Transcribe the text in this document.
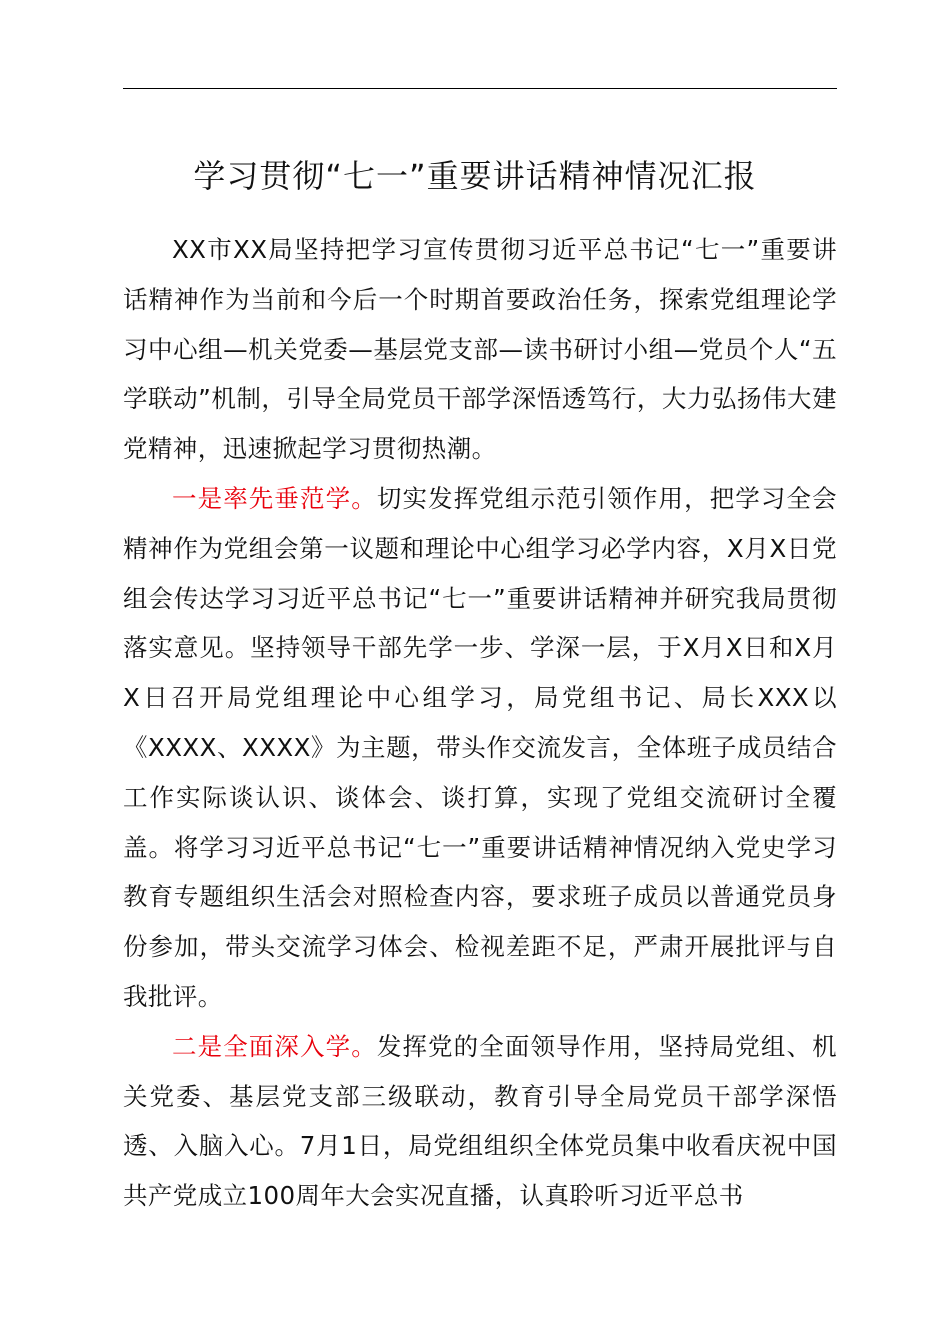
学习贯彻“七一”重要讲话精神情况汇报

XX市XX局坚持把学习宣传贯彻习近平总书记“七一”重要讲话精神作为当前和今后一个时期首要政治任务，探索党组理论学习中心组—机关党委—基层党支部—读书研讨小组—党员个人“五学联动”机制，引导全局党员干部学深悟透笃行，大力弘扬伟大建党精神，迅速掀起学习贯彻热潮。

一是率先垂范学。切实发挥党组示范引领作用，把学习全会精神作为党组会第一议题和理论中心组学习必学内容，X月X日党组会传达学习习近平总书记“七一”重要讲话精神并研究我局贯彻落实意见。坚持领导干部先学一步、学深一层，于X月X日和X月X日召开局党组理论中心组学习，局党组书记、局长XXX以《XXXX、XXXX》为主题，带头作交流发言，全体班子成员结合工作实际谈认识、谈体会、谈打算，实现了党组交流研讨全覆盖。将学习习近平总书记“七一”重要讲话精神情况纳入党史学习教育专题组织生活会对照检查内容，要求班子成员以普通党员身份参加，带头交流学习体会、检视差距不足，严肃开展批评与自我批评。

二是全面深入学。发挥党的全面领导作用，坚持局党组、机关党委、基层党支部三级联动，教育引导全局党员干部学深悟透、入脑入心。7月1日，局党组组织全体党员集中收看庆祝中国共产党成立100周年大会实况直播，认真聆听习近平总书
